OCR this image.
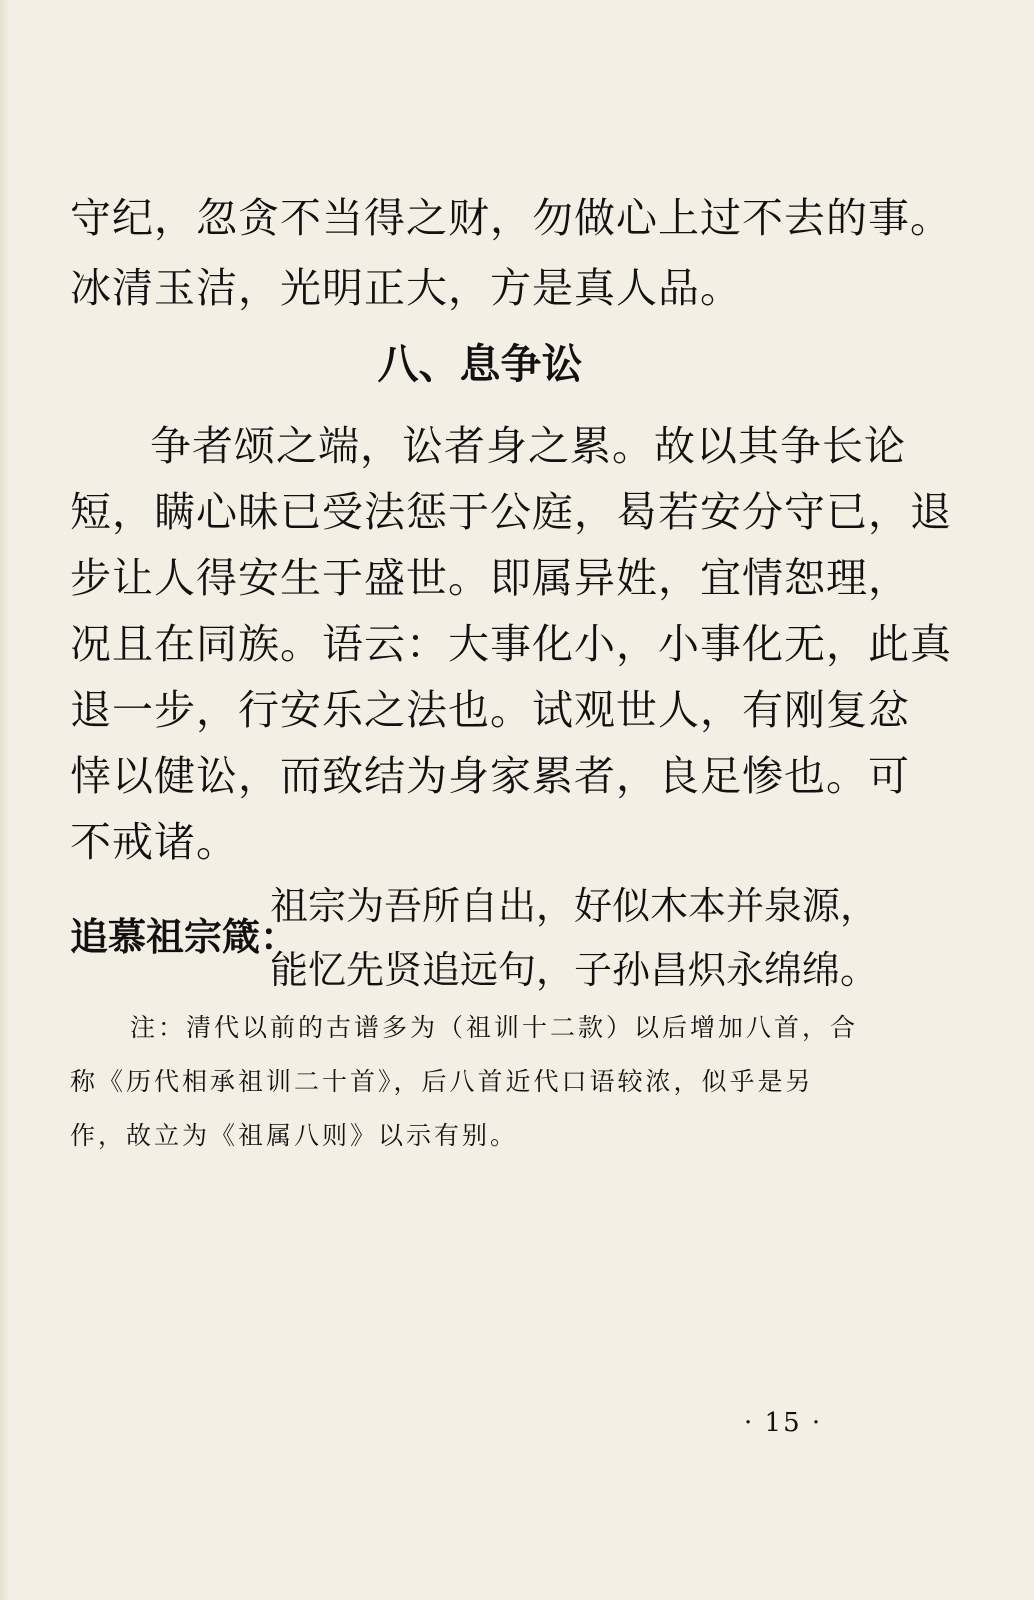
守纪，忽贪不当得之财，勿做心上过不去的事。
冰清玉洁，光明正大，方是真人品。
八、息争讼
争者颂之端，讼者身之累。故以其争长论
短，瞒心昧已受法惩于公庭，曷若安分守已，退
步让人得安生于盛世。即属异姓，宜情恕理，
况且在同族。语云：大事化小，小事化无，此真
退一步，行安乐之法也。试观世人，有刚复忿
悻以健讼，而致结为身家累者，良足惨也。可
不戒诸。
追慕祖宗箴：
祖宗为吾所自出，好似木本并泉源，
能忆先贤追远句，子孙昌炽永绵绵。
注：清代以前的古谱多为（祖训十二款）以后增加八首，合
称《历代相承祖训二十首》，后八首近代口语较浓，似乎是另
作，故立为《祖属八则》以示有别。
· 15 ·
